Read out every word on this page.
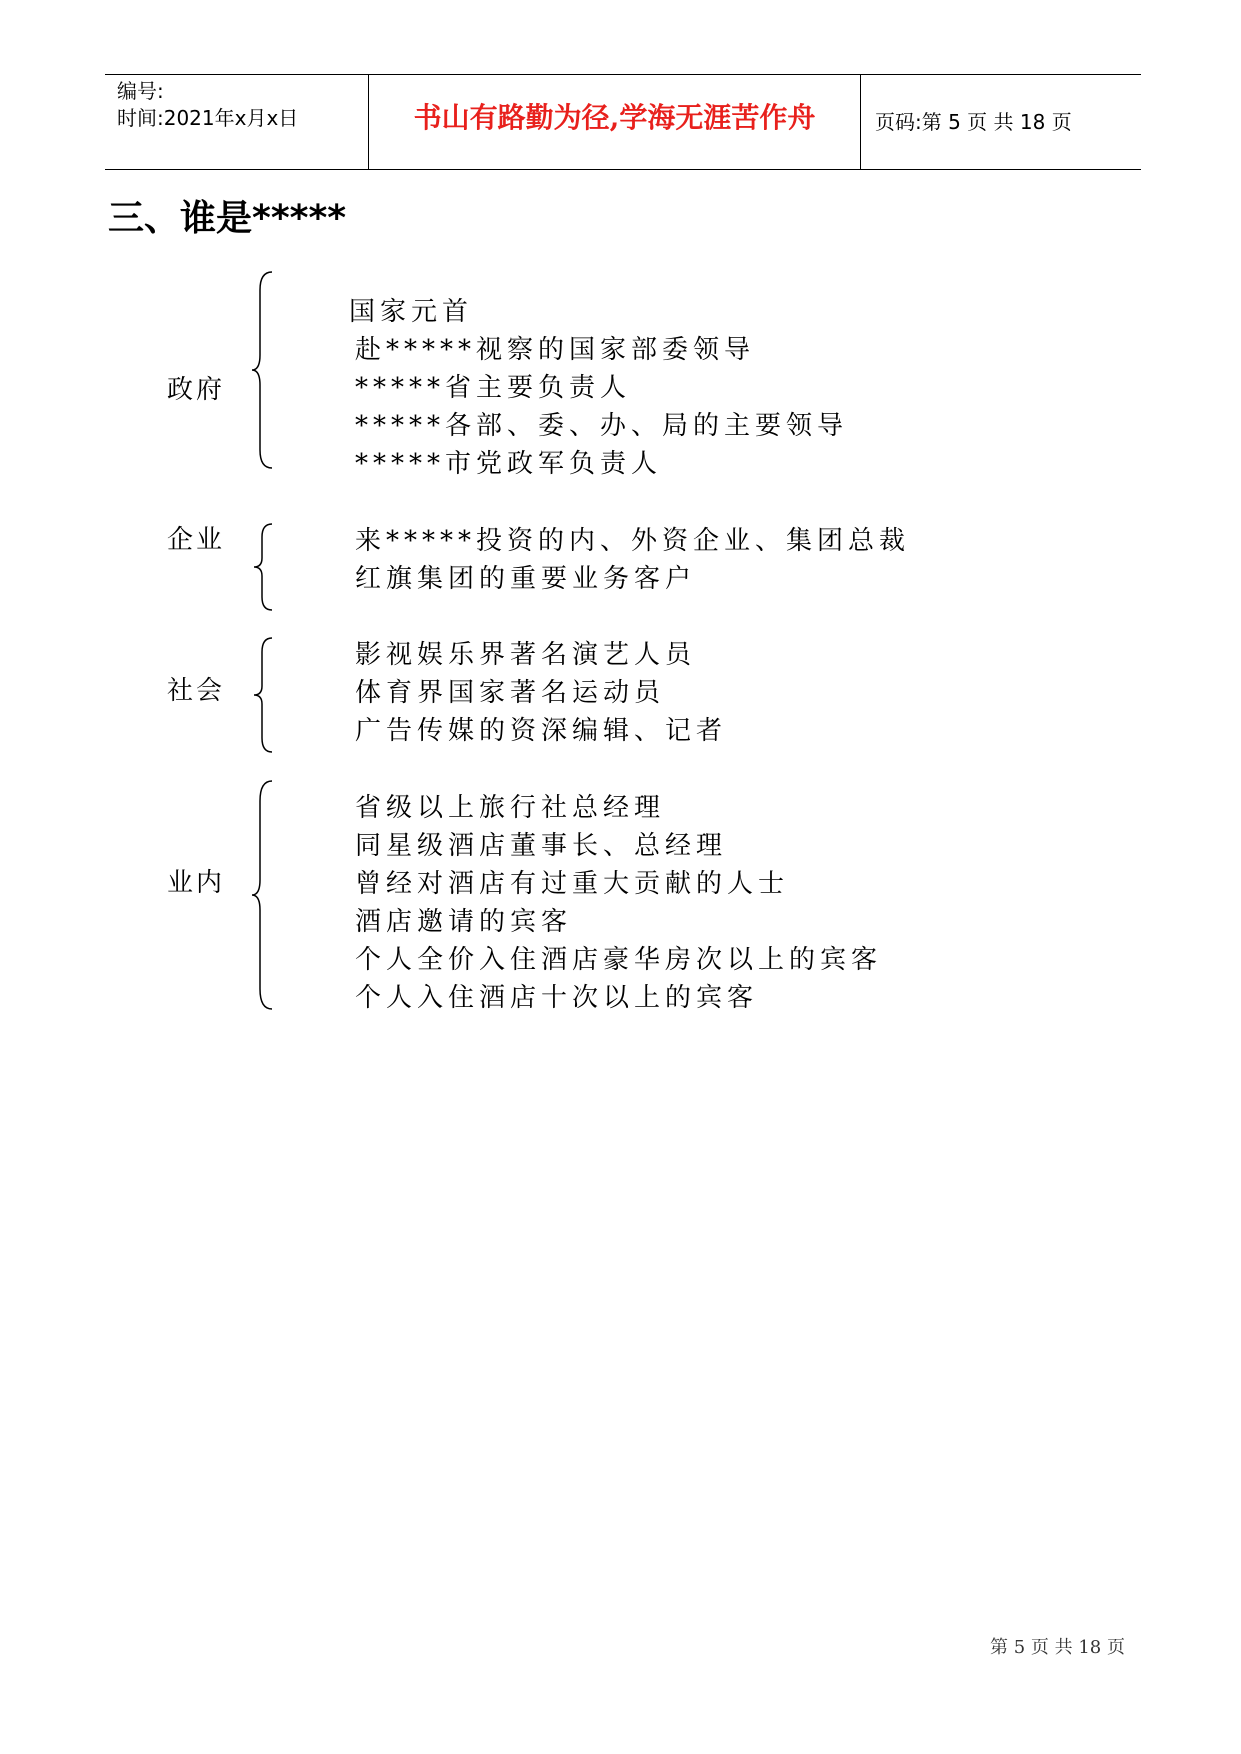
编号:
时间:2021年x月x日	书山有路勤为径,学海无涯苦作舟	页码:第 5 页 共 18 页
三、谁是*****
政府
国家元首
赴*****视察的国家部委领导
*****省主要负责人
*****各部、委、办、局的主要领导
*****市党政军负责人
企业	来*****投资的内、外资企业、集团总裁
红旗集团的重要业务客户
社会
影视娱乐界著名演艺人员
体育界国家著名运动员
广告传媒的资深编辑、记者
业内
省级以上旅行社总经理
同星级酒店董事长、总经理
曾经对酒店有过重大贡献的人士
酒店邀请的宾客
个人全价入住酒店豪华房次以上的宾客
个人入住酒店十次以上的宾客
第 5 页 共 18 页
